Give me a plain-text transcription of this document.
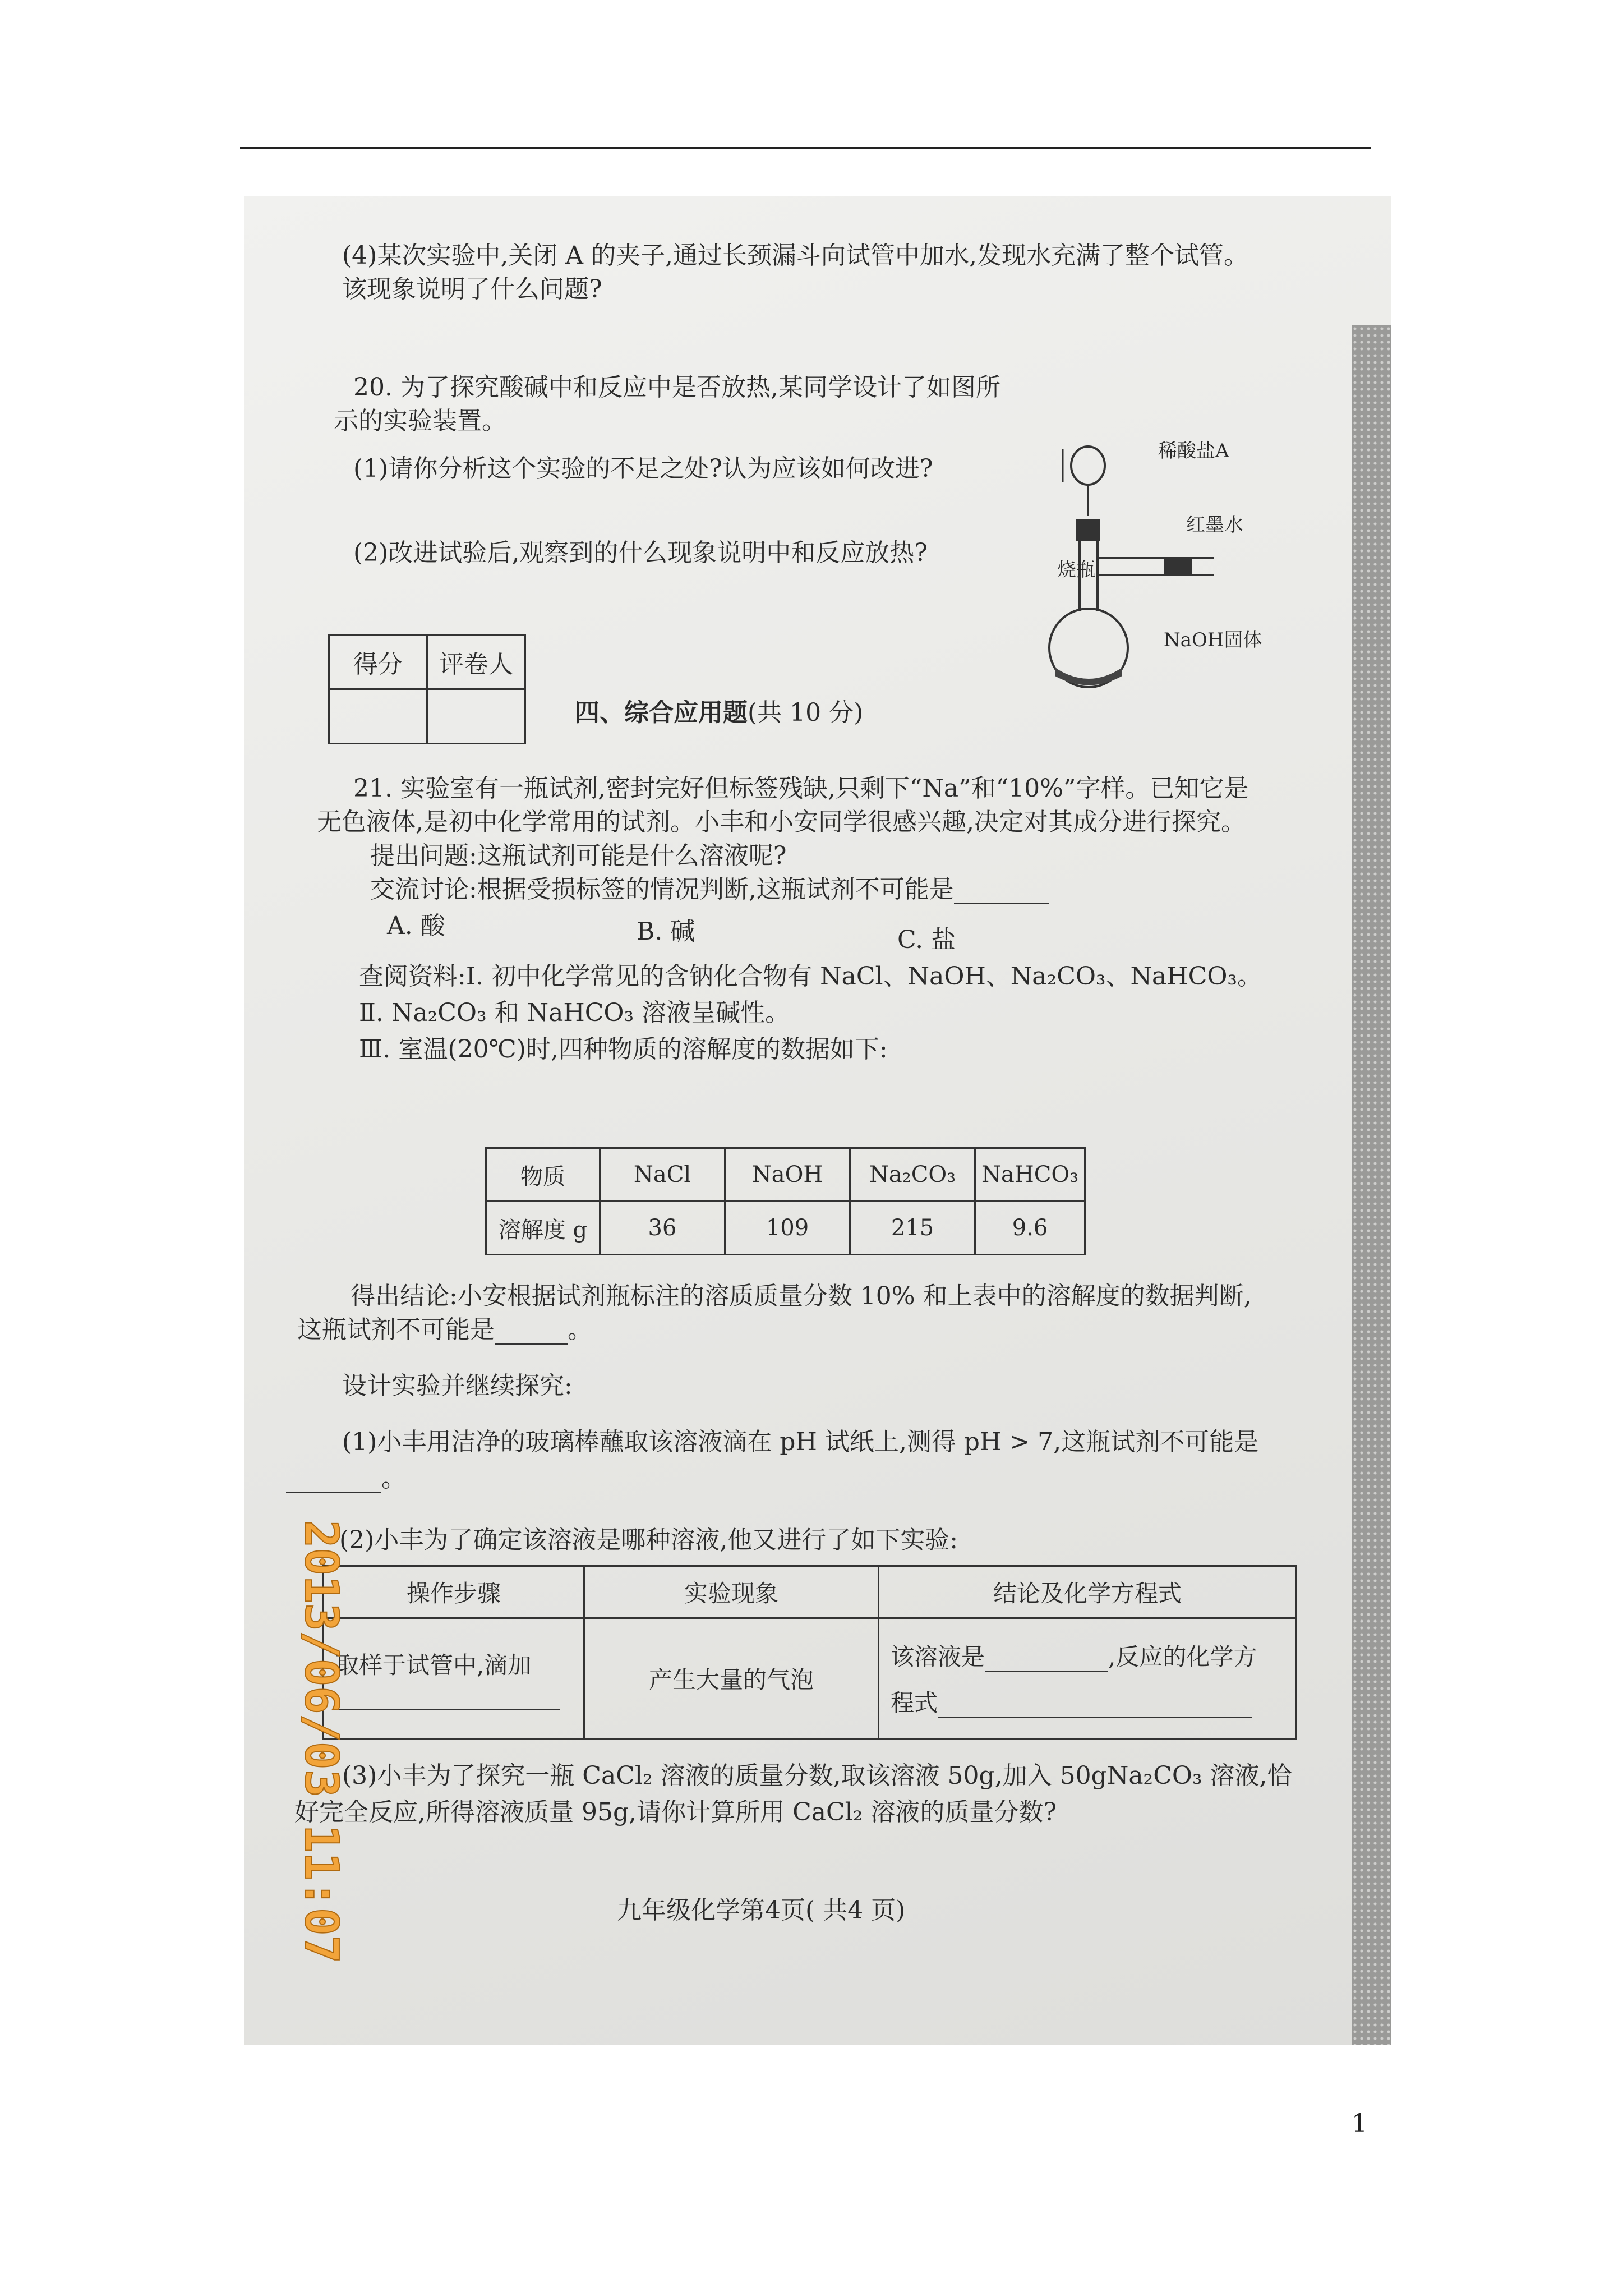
(4)某次实验中,关闭 A 的夹子,通过长颈漏斗向试管中加水,发现水充满了整个试管。
该现象说明了什么问题?
20. 为了探究酸碱中和反应中是否放热,某同学设计了如图所
示的实验装置。
(1)请你分析这个实验的不足之处?认为应该如何改进?
(2)改进试验后,观察到的什么现象说明中和反应放热?
稀酸盐A
红墨水
烧瓶
NaOH固体
得分	评卷人

四、综合应用题(共 10 分)
21. 实验室有一瓶试剂,密封完好但标签残缺,只剩下“Na”和“10%”字样。已知它是
无色液体,是初中化学常用的试剂。小丰和小安同学很感兴趣,决定对其成分进行探究。
提出问题:这瓶试剂可能是什么溶液呢?
交流讨论:根据受损标签的情况判断,这瓶试剂不可能是
A. 酸	B. 碱	C. 盐
查阅资料:Ⅰ. 初中化学常见的含钠化合物有 NaCl、NaOH、Na₂CO₃、NaHCO₃。
Ⅱ. Na₂CO₃ 和 NaHCO₃ 溶液呈碱性。
Ⅲ. 室温(20℃)时,四种物质的溶解度的数据如下:
物质	NaCl	NaOH	Na₂CO₃	NaHCO₃
溶解度 g	36	109	215	9.6
得出结论:小安根据试剂瓶标注的溶质质量分数 10% 和上表中的溶解度的数据判断,
这瓶试剂不可能是	。
设计实验并继续探究:
(1)小丰用洁净的玻璃棒蘸取该溶液滴在 pH 试纸上,测得 pH > 7,这瓶试剂不可能是
。
(2)小丰为了确定该溶液是哪种溶液,他又进行了如下实验:
操作步骤	实验现象	结论及化学方程式

取样于试管中,滴加	产生大量的气泡	该溶液是 ,反应的化学方
程式
(3)小丰为了探究一瓶 CaCl₂ 溶液的质量分数,取该溶液 50g,加入 50gNa₂CO₃ 溶液,恰
好完全反应,所得溶液质量 95g,请你计算所用 CaCl₂ 溶液的质量分数?
九年级化学第4页( 共4 页)
2013/06/03 11:07
1
